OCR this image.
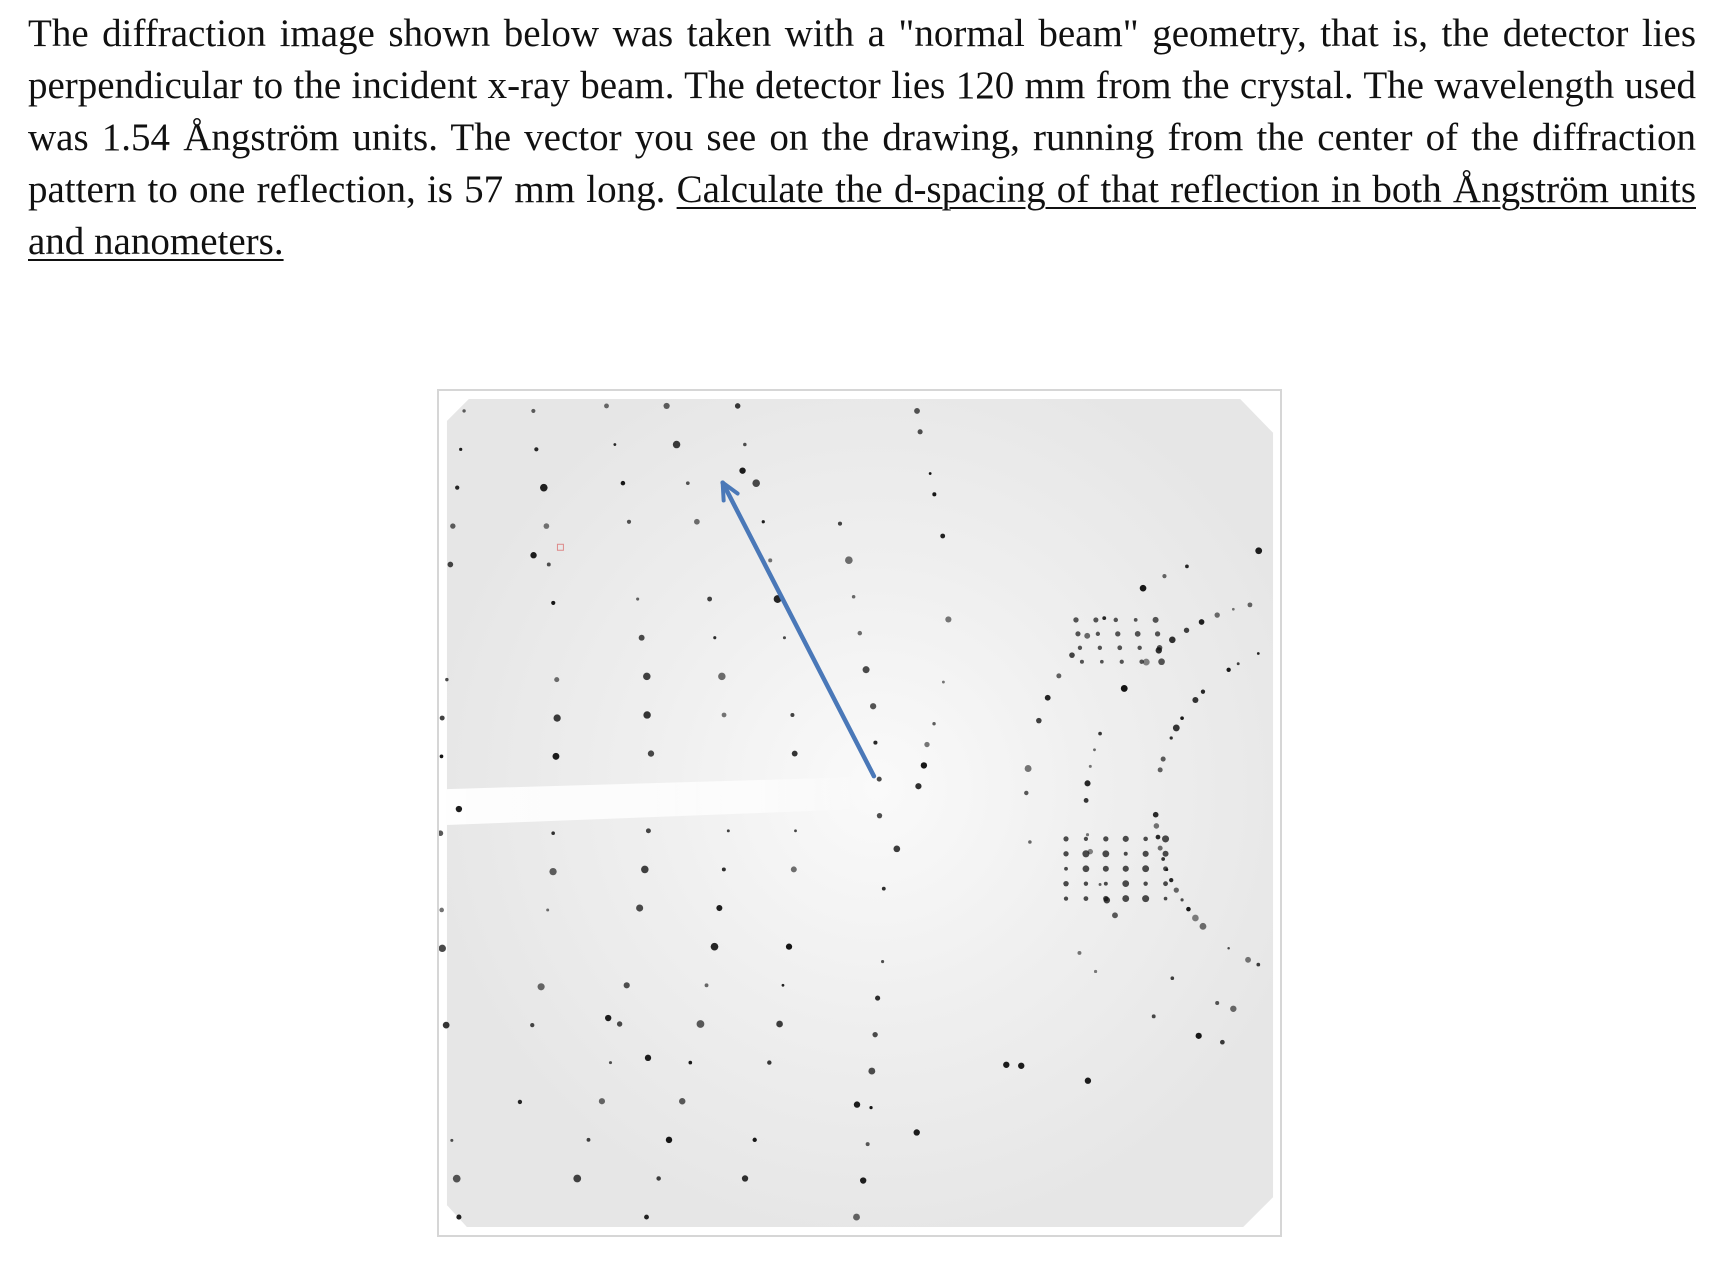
The diffraction image shown below was taken with a "normal beam" geometry, that is, the detector lies perpendicular to the incident x-ray beam. The detector lies 120 mm from the crystal. The wavelength used was 1.54 Ångström units. The vector you see on the drawing, running from the center of the diffraction pattern to one reflection, is 57 mm long. Calculate the d-spacing of that reflection in both Ångström units and nanometers.
